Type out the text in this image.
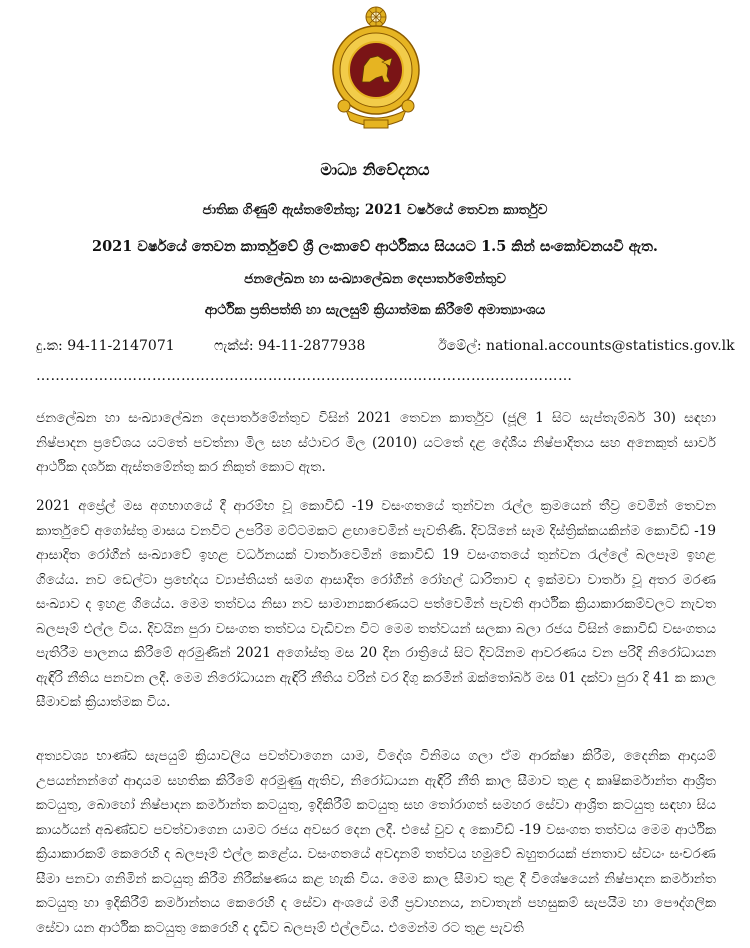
මාධ්‍ය නිවේදනය
ජාතික ගිණුම් ඇස්තමේන්තු; 2021 වර්ෂයේ තෙවන කාර්තුව
2021 වර්ෂයේ තෙවන කාර්තුවේ ශ්‍රී ලංකාවේ ආර්ථිකය සියයට 1.5 කින් සංකෝචනයවී ඇත.
ජනලේඛන හා සංඛ්‍යාලේඛන දෙපාර්තමේන්තුව
ආර්ථික ප්‍රතිපත්ති හා සැලසුම් ක්‍රියාත්මක කිරීමේ අමාත්‍යාංශය
දු.ක: 94-11-2147071	ෆැක්ස්: 94-11-2877938	ඊමේල්: national.accounts@statistics.gov.lk
…………………………………………………………………………………………………

ජනලේඛන හා සංඛ්‍යාලේඛන දෙපාර්තමේන්තුව විසින් 2021 තෙවන කාර්තුව (ජූලි 1 සිට සැප්තැම්බර් 30) සඳහා නිෂ්පාදන ප්‍රවේශය යටතේ පවත්නා මිල සහ ස්ථාවර මිල (2010) යටතේ දළ දේශීය නිෂ්පාදිතය සහ අනෙකුත් සාර්ව ආර්ථික දර්ශක ඇස්තමේන්තු කර නිකුත් කොට ඇත.

2021 අප්‍රේල් මස අගභාගයේ දී ආරම්භ වූ කොවිඩ් -19 වසංගතයේ තුන්වන රැල්ල ක්‍රමයෙන් තීව්‍ර වෙමින් තෙවන කාර්තුවේ අගෝස්තු මාසය වනවිට උපරිම මට්ටමකට ළඟාවෙමින් පැවතිණි. දිවයිනේ සෑම දිස්ත්‍රික්කයකින්ම කොවිඩ් -19 ආසාදිත රෝගීන් සංඛ්‍යාවේ ඉහළ වර්ධනයක් වාර්තාවෙමින් කොවිඩ් 19 වසංගතයේ තුන්වන රැල්ලේ බලපෑම ඉහළ ගියේය. නව ඩෙල්ටා ප්‍රභේදය ව්‍යාප්තියත් සමග ආසාදිත රෝගීන් රෝහල් ධාරිතාව ද ඉක්මවා වාර්තා වූ අතර මරණ සංඛ්‍යාව ද ඉහළ ගියේය. මෙම තත්වය නිසා නව සාමාන්‍යකරණයට පත්වෙමින් පැවති ආර්ථික ක්‍රියාකාරකම්වලට නැවත බලපෑම් එල්ල විය. දිවයින පුරා වසංගත තත්වය වැඩිවන විට මෙම තත්වයන් සලකා බලා රජය විසින් කොවිඩ් වසංගතය පැතිරීම පාලනය කිරීමේ අරමුණින් 2021 අගෝස්තු මස 20 දින රාත්‍රියේ සිට දිවයිනම ආවරණය වන පරිදි නිරෝධායන ඇඳිරි නීතිය පනවන ලදී. මෙම නිරෝධායන ඇඳිරි නීතිය වරින් වර දිගු කරමින් ඔක්තෝබර් මස 01 දක්වා පුරා දි 41 ක කාල සීමාවක් ක්‍රියාත්මක විය.

අත්‍යවශ්‍ය භාණ්ඩ සැපයුම් ක්‍රියාවලිය පවත්වාගෙන යාම, විදේශ විනිමය ගලා ඒම ආරක්ෂා කිරීම, දෛනික ආදායම් උපයන්නන්ගේ ආදායම සහතික කිරීමේ අරමුණු ඇතිව, නිරෝධායන ඇඳිරි නීති කාල සීමාව තුළ ද කෘෂිකර්මාන්ත ආශ්‍රිත කටයුතු, බොහෝ නිෂ්පාදන කර්මාන්ත කටයුතු, ඉදිකිරීම් කටයුතු සහ තෝරාගත් සමහර සේවා ආශ්‍රිත කටයුතු සඳහා සිය කාර්යයන් අඛණ්ඩව පවත්වාගෙන යාමට රජය අවසර දෙන ලදී. එසේ වුව ද කොවිඩ් -19 වසංගත තත්වය මෙම ආර්ථික ක්‍රියාකාරකම් කෙරෙහි ද බලපෑම් එල්ල කළේය. වසංගතයේ අවදානම් තත්වය හමුවේ බහුතරයක් ජනතාව ස්වයං සංචරණ සීමා පනවා ගනිමින් කටයුතු කිරීම නිරීක්ෂණය කළ හැකි විය. මෙම කාල සීමාව තුළ දී විශේෂයෙන් නිෂ්පාදන කර්මාන්ත කටයුතු හා ඉදිකිරීම් කර්මාන්තය කෙරෙහි ද සේවා අංශයේ මගී ප්‍රවාහනය, නවාතැන් පහසුකම් සැපයීම හා පෞද්ගලික සේවා යන ආර්ථික කටයුතු කෙරෙහි ද දැඩිව බලපෑම් එල්ලවිය. එමෙන්ම රට තුළ පැවති
